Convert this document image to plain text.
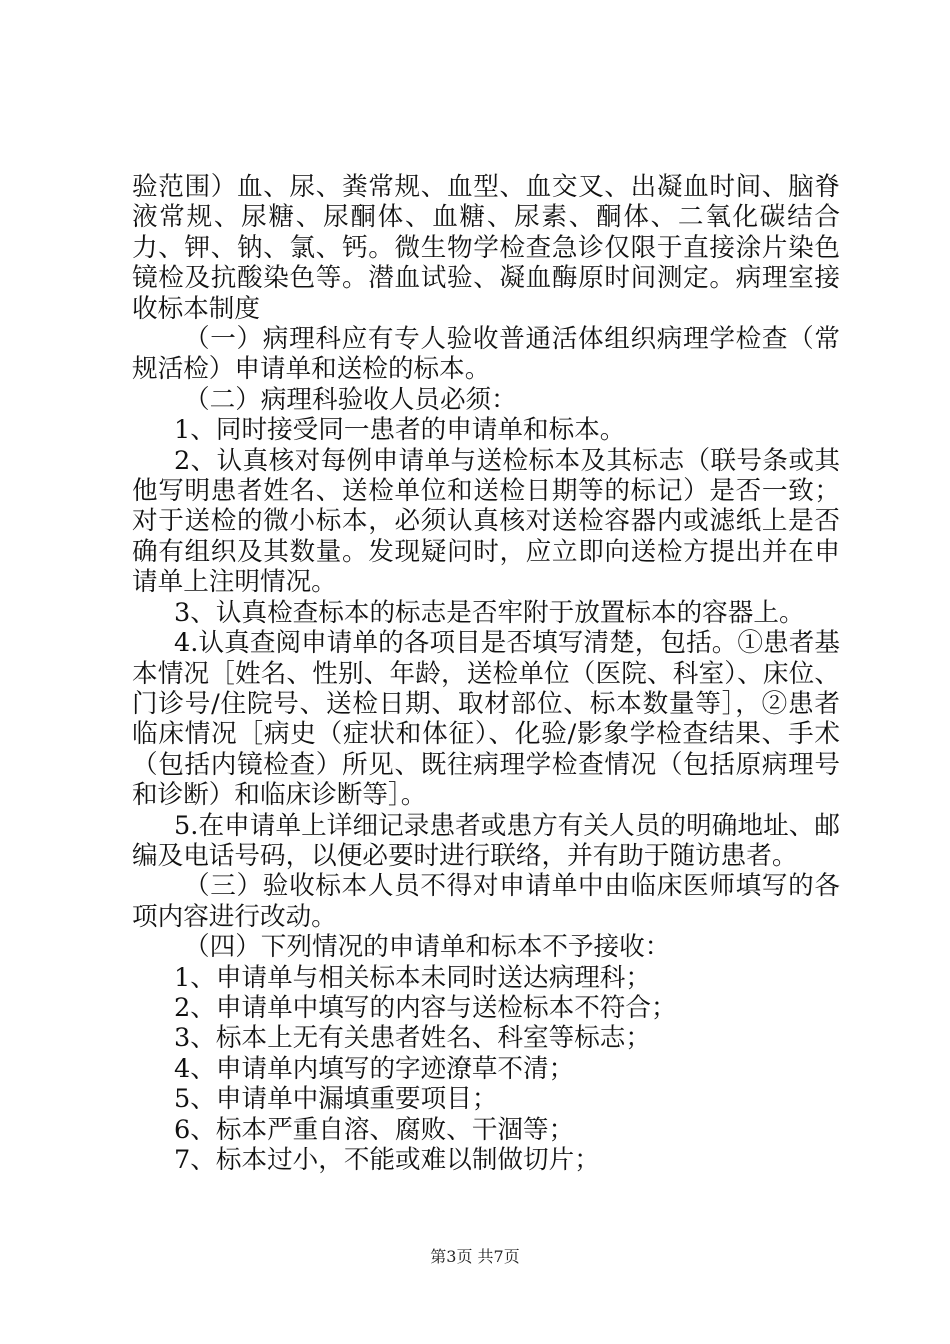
验范围）血、尿、粪常规、血型、血交叉、出凝血时间、脑脊液常规、尿糖、尿酮体、血糖、尿素、酮体、二氧化碳结合力、钾、钠、氯、钙。微生物学检查急诊仅限于直接涂片染色镜检及抗酸染色等。潜血试验、凝血酶原时间测定。病理室接收标本制度

（一）病理科应有专人验收普通活体组织病理学检查（常规活检）申请单和送检的标本。

（二）病理科验收人员必须：

1、同时接受同一患者的申请单和标本。

2、认真核对每例申请单与送检标本及其标志（联号条或其他写明患者姓名、送检单位和送检日期等的标记）是否一致；对于送检的微小标本，必须认真核对送检容器内或滤纸上是否确有组织及其数量。发现疑问时，应立即向送检方提出并在申请单上注明情况。

3、认真检查标本的标志是否牢附于放置标本的容器上。

4.认真查阅申请单的各项目是否填写清楚，包括。①患者基本情况［姓名、性别、年龄，送检单位（医院、科室）、床位、门诊号/住院号、送检日期、取材部位、标本数量等］，②患者临床情况［病史（症状和体征）、化验/影象学检查结果、手术（包括内镜检查）所见、既往病理学检查情况（包括原病理号和诊断）和临床诊断等］。

5.在申请单上详细记录患者或患方有关人员的明确地址、邮编及电话号码，以便必要时进行联络，并有助于随访患者。

（三）验收标本人员不得对申请单中由临床医师填写的各项内容进行改动。

（四）下列情况的申请单和标本不予接收：

1、申请单与相关标本未同时送达病理科；

2、申请单中填写的内容与送检标本不符合；

3、标本上无有关患者姓名、科室等标志；

4、申请单内填写的字迹潦草不清；

5、申请单中漏填重要项目；

6、标本严重自溶、腐败、干涸等；

7、标本过小，不能或难以制做切片；

第3页 共7页
